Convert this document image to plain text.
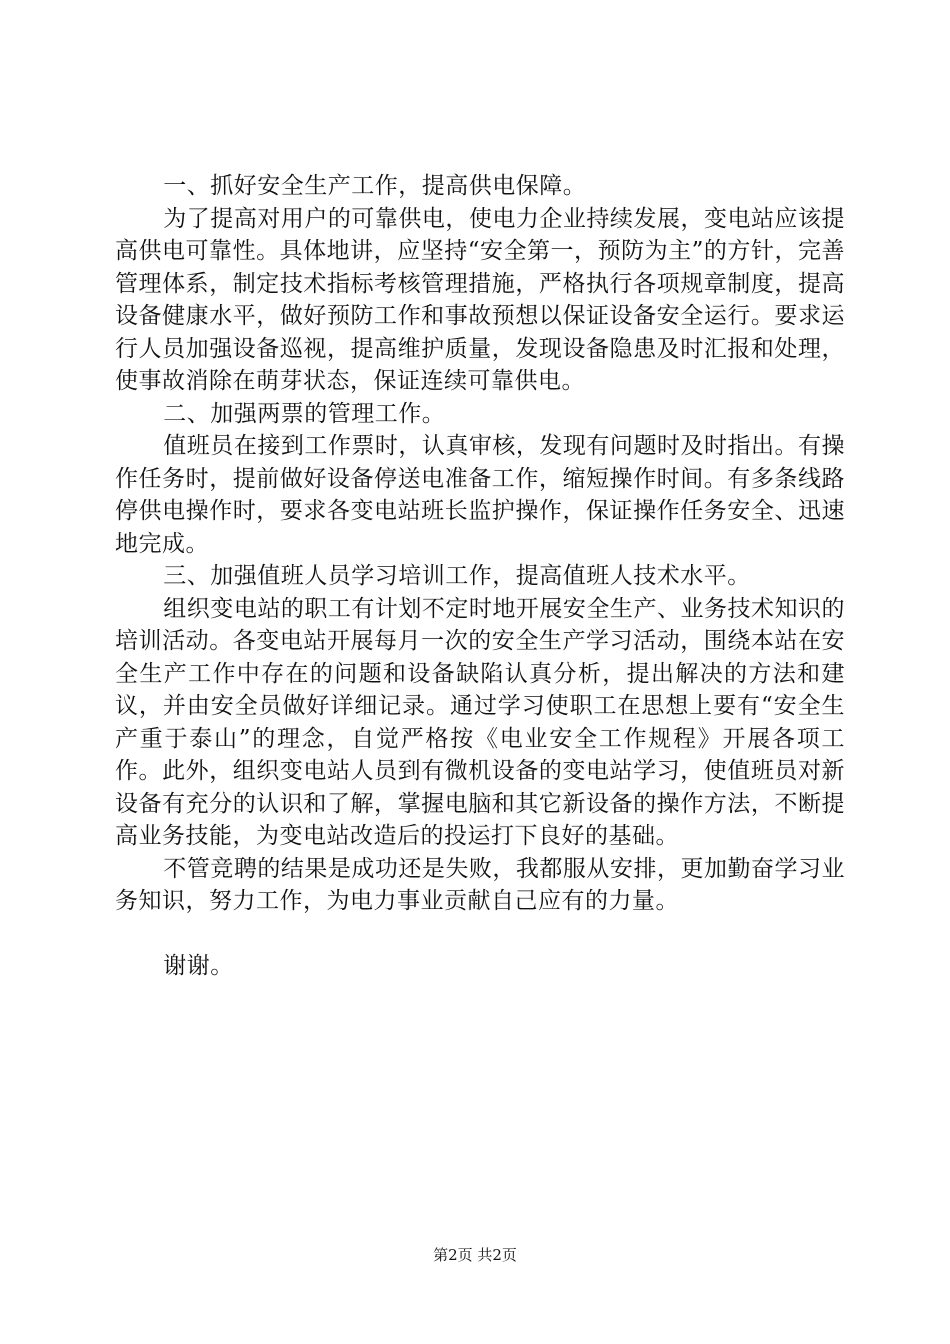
一、抓好安全生产工作，提高供电保障。

为了提高对用户的可靠供电，使电力企业持续发展，变电站应该提高供电可靠性。具体地讲，应坚持“安全第一，预防为主”的方针，完善管理体系，制定技术指标考核管理措施，严格执行各项规章制度，提高设备健康水平，做好预防工作和事故预想以保证设备安全运行。要求运行人员加强设备巡视，提高维护质量，发现设备隐患及时汇报和处理，使事故消除在萌芽状态，保证连续可靠供电。

二、加强两票的管理工作。

值班员在接到工作票时，认真审核，发现有问题时及时指出。有操作任务时，提前做好设备停送电准备工作，缩短操作时间。有多条线路停供电操作时，要求各变电站班长监护操作，保证操作任务安全、迅速地完成。

三、加强值班人员学习培训工作，提高值班人技术水平。

组织变电站的职工有计划不定时地开展安全生产、业务技术知识的培训活动。各变电站开展每月一次的安全生产学习活动，围绕本站在安全生产工作中存在的问题和设备缺陷认真分析，提出解决的方法和建议，并由安全员做好详细记录。通过学习使职工在思想上要有“安全生产重于泰山”的理念，自觉严格按《电业安全工作规程》开展各项工作。此外，组织变电站人员到有微机设备的变电站学习，使值班员对新设备有充分的认识和了解，掌握电脑和其它新设备的操作方法，不断提高业务技能，为变电站改造后的投运打下良好的基础。

不管竞聘的结果是成功还是失败，我都服从安排，更加勤奋学习业务知识，努力工作，为电力事业贡献自己应有的力量。

谢谢。

第2页 共2页
